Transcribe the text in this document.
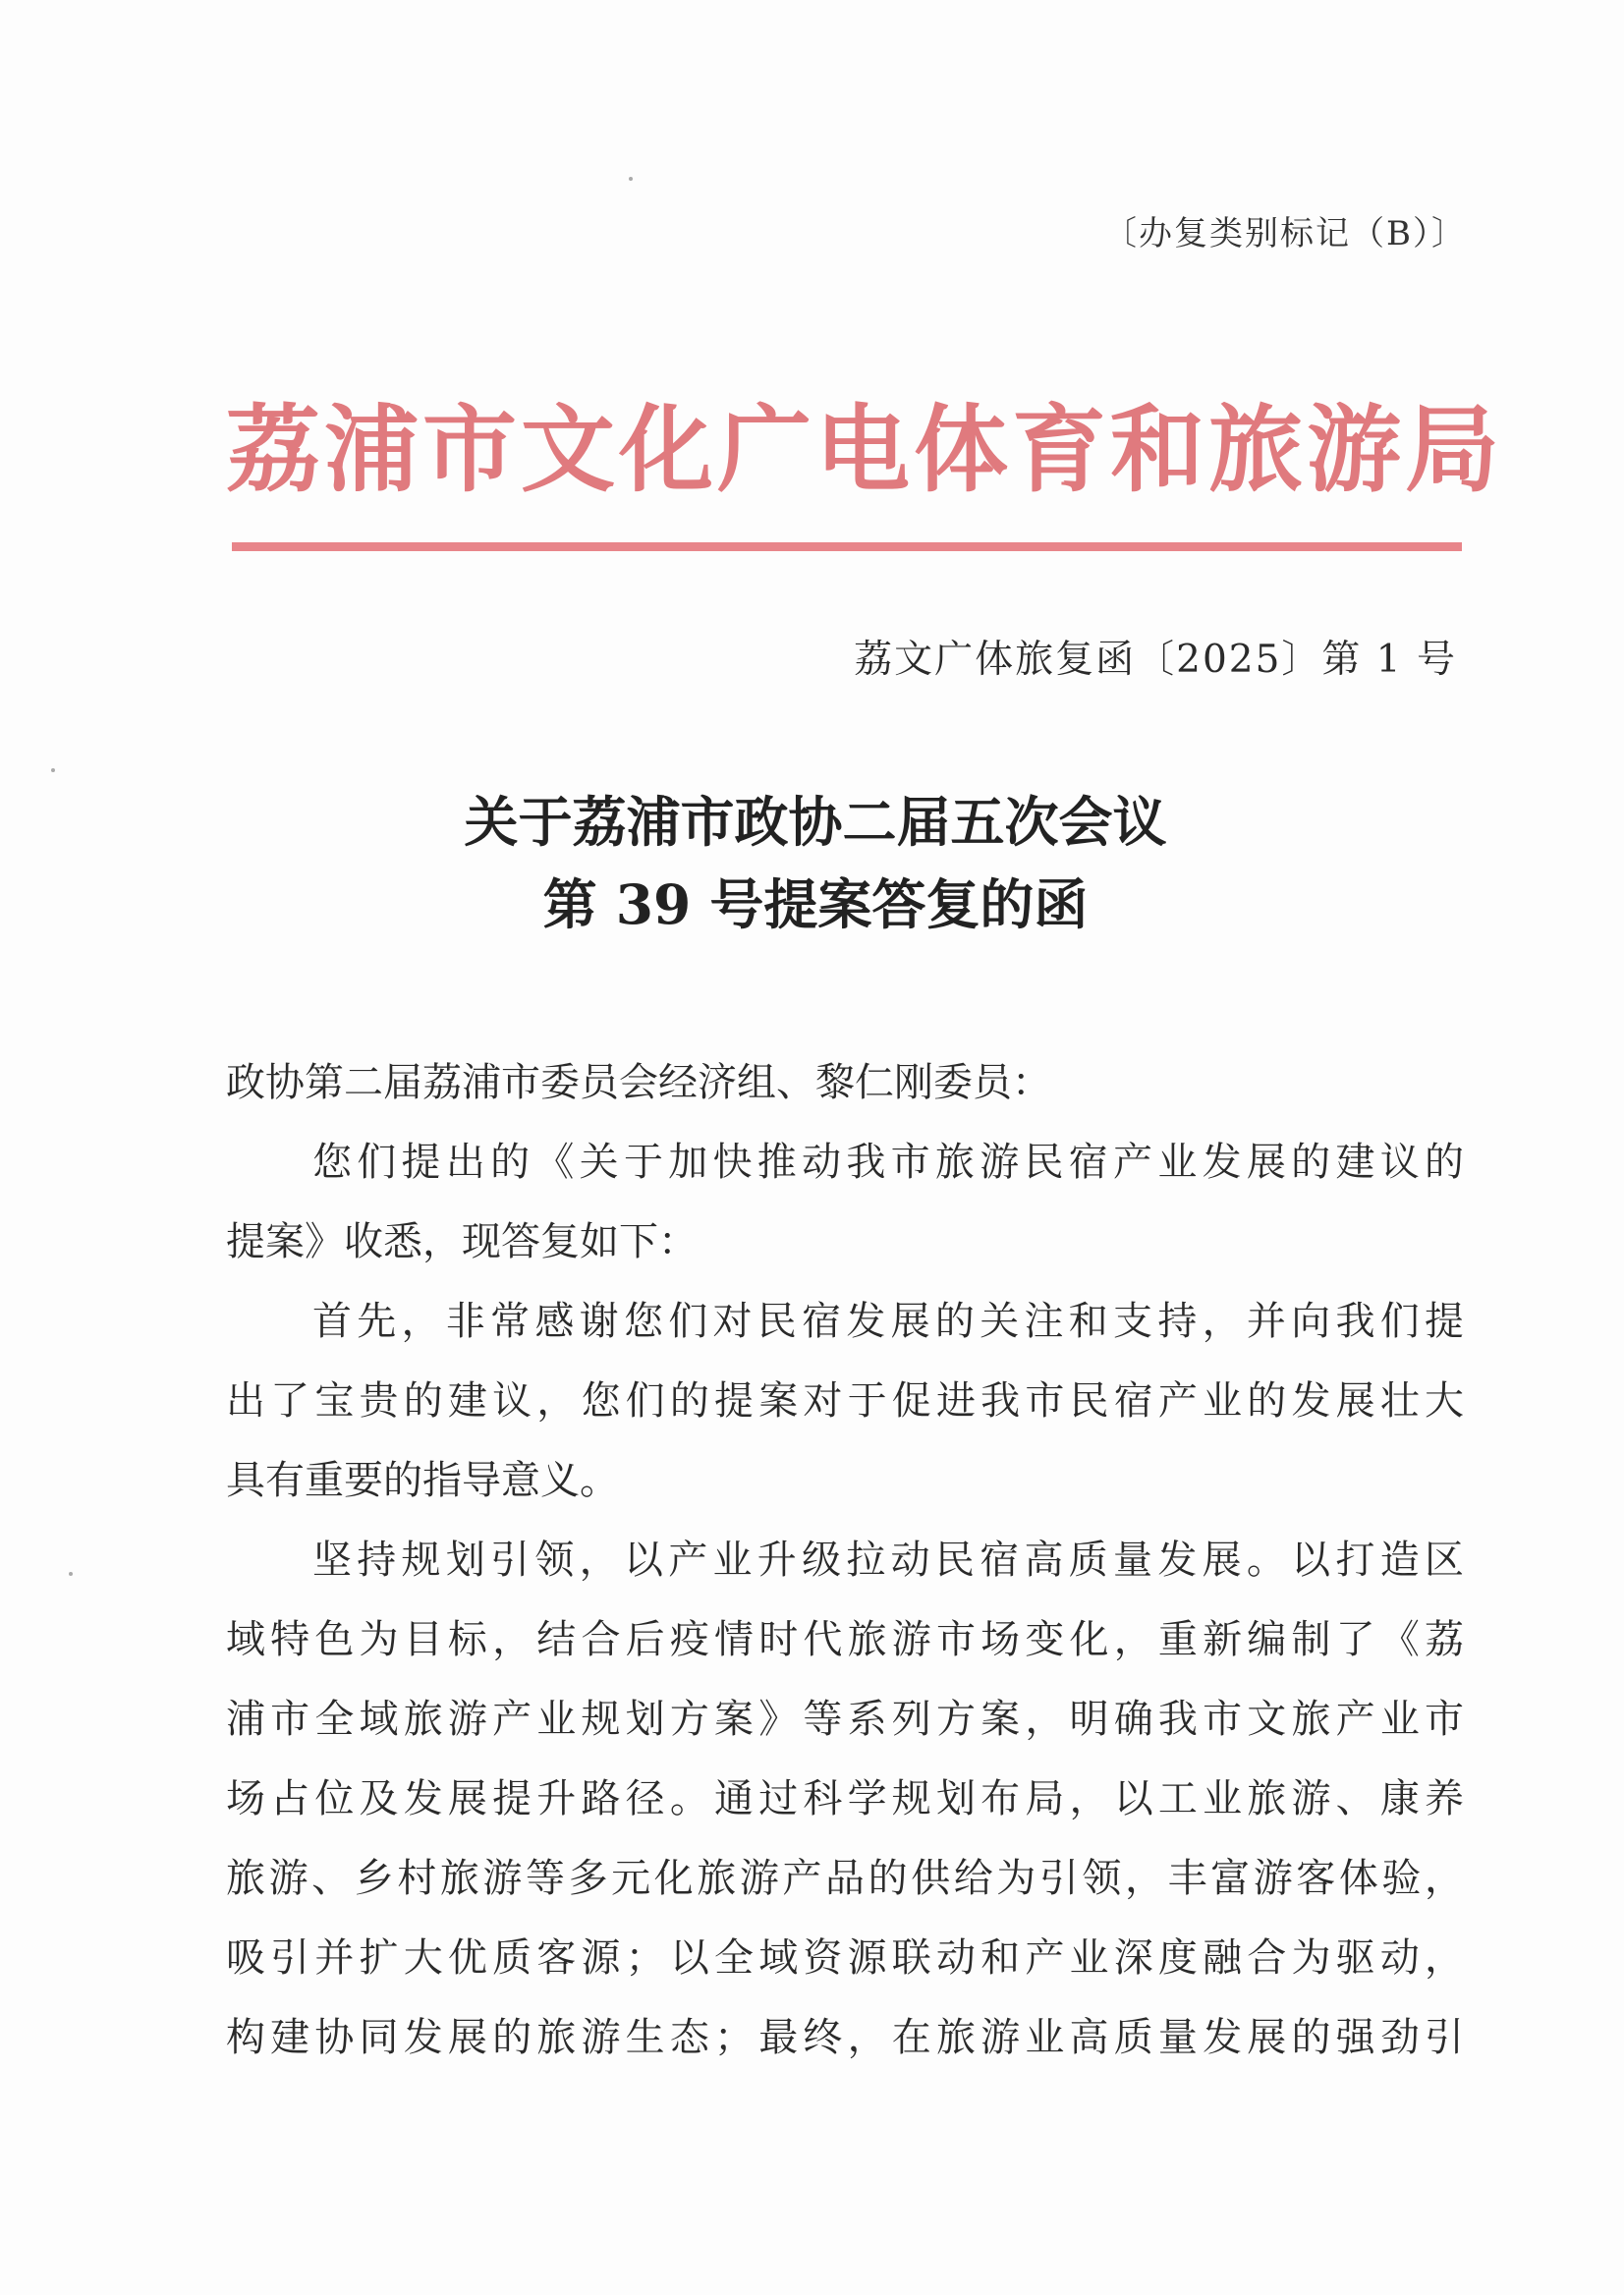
〔办复类别标记（B）〕
荔浦市文化广电体育和旅游局
荔文广体旅复函〔2025〕第 1 号
关于荔浦市政协二届五次会议
第 39 号提案答复的函
政协第二届荔浦市委员会经济组、黎仁刚委员：
您们提出的《关于加快推动我市旅游民宿产业发展的建议的
提案》收悉，现答复如下：
首先，非常感谢您们对民宿发展的关注和支持，并向我们提
出了宝贵的建议，您们的提案对于促进我市民宿产业的发展壮大
具有重要的指导意义。
坚持规划引领，以产业升级拉动民宿高质量发展。以打造区
域特色为目标，结合后疫情时代旅游市场变化，重新编制了《荔
浦市全域旅游产业规划方案》等系列方案，明确我市文旅产业市
场占位及发展提升路径。通过科学规划布局，以工业旅游、康养
旅游、乡村旅游等多元化旅游产品的供给为引领，丰富游客体验，
吸引并扩大优质客源；以全域资源联动和产业深度融合为驱动，
构建协同发展的旅游生态；最终，在旅游业高质量发展的强劲引
